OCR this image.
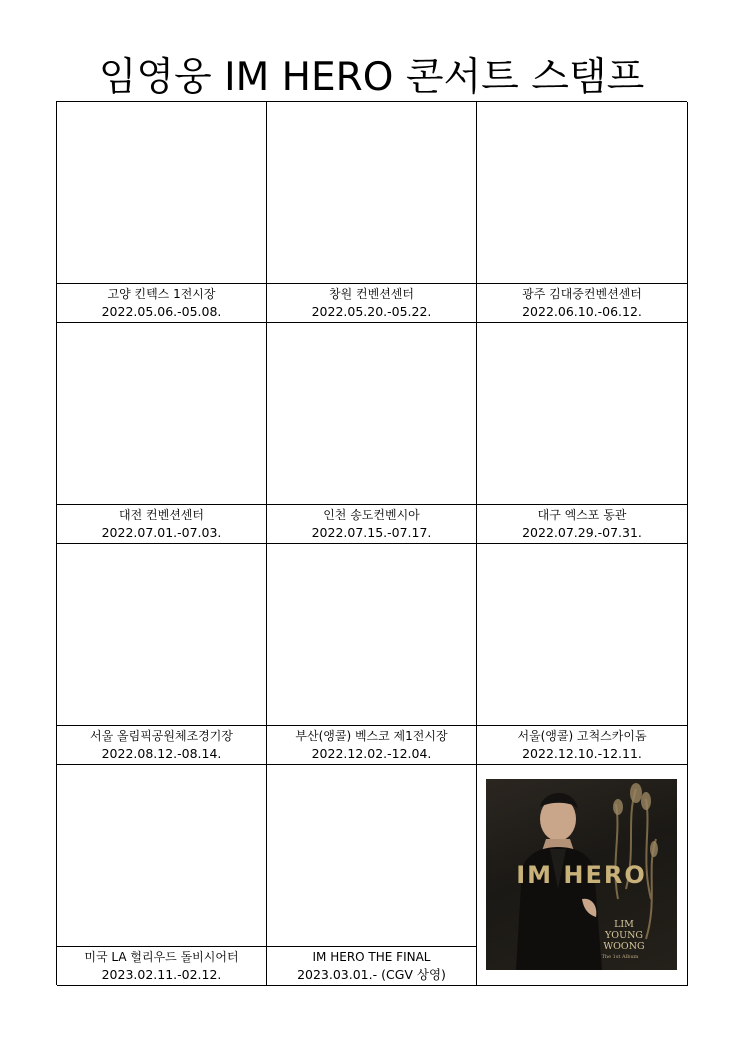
임영웅 IM HERO 콘서트 스탬프
고양 킨텍스 1전시장
2022.05.06.-05.08.
창원 컨벤션센터
2022.05.20.-05.22.
광주 김대중컨벤션센터
2022.06.10.-06.12.
대전 컨벤션센터
2022.07.01.-07.03.
인천 송도컨벤시아
2022.07.15.-07.17.
대구 엑스포 동관
2022.07.29.-07.31.
서울 올림픽공원체조경기장
2022.08.12.-08.14.
부산(앵콜) 벡스코 제1전시장
2022.12.02.-12.04.
서울(앵콜) 고척스카이돔
2022.12.10.-12.11.
미국 LA 헐리우드 돌비시어터
2023.02.11.-02.12.
IM HERO THE FINAL
2023.03.01.- (CGV 상영)
IM HERO
LIM
YOUNG
WOONG
The 1st Album
